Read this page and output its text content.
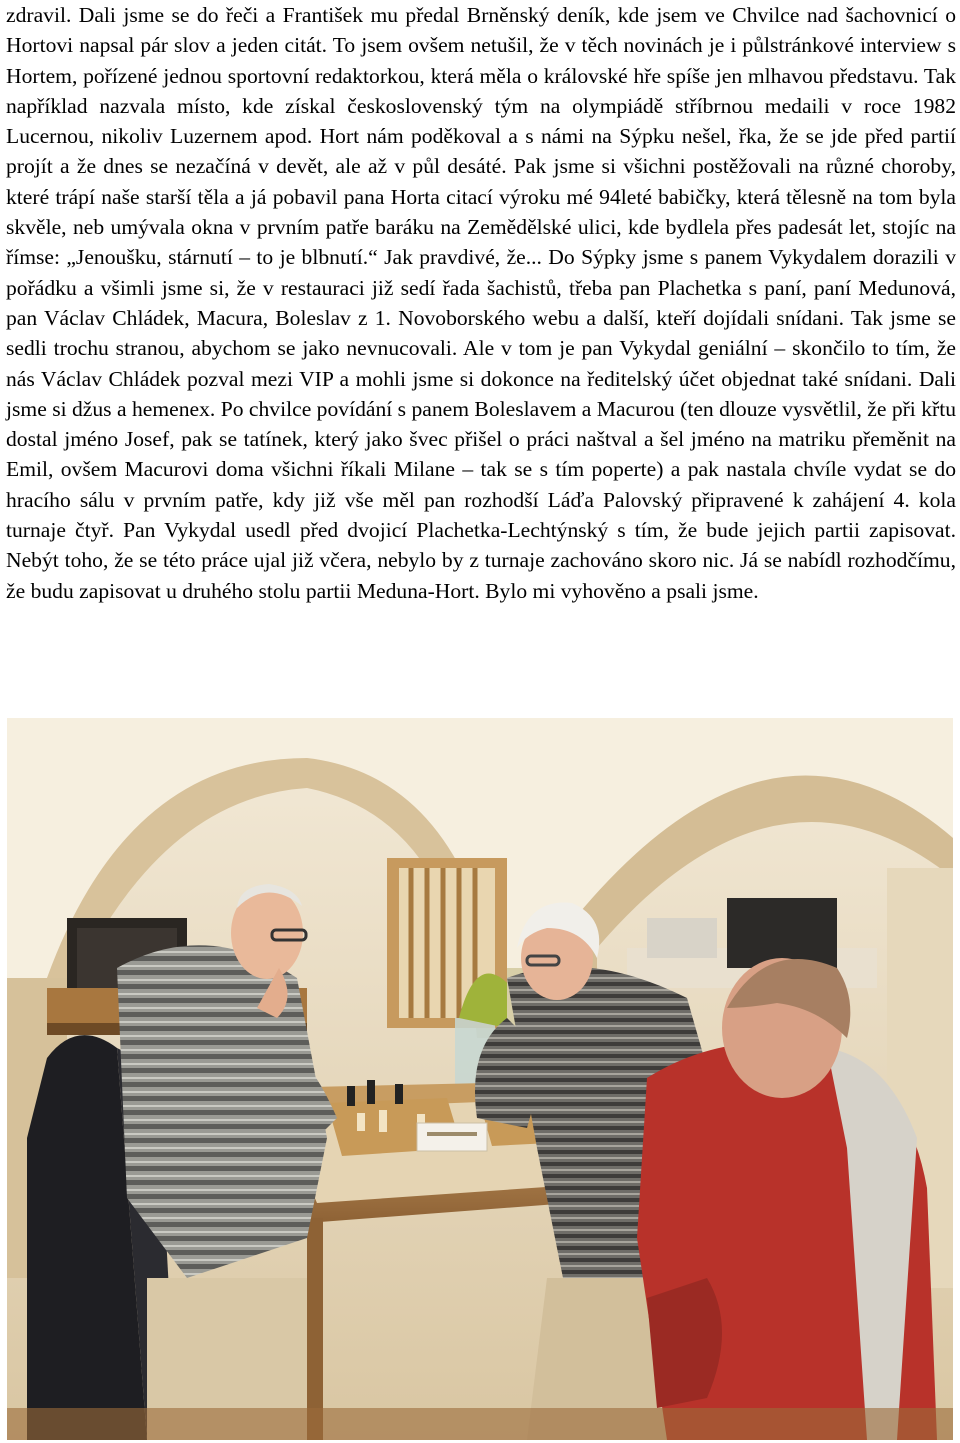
zdravil. Dali jsme se do řeči a František mu předal Brněnský deník, kde jsem ve Chvilce nad šachovnicí o Hortovi napsal pár slov a jeden citát. To jsem ovšem netušil, že v těch novinách je i půlstránkové interview s Hortem, pořízené jednou sportovní redaktorkou, která měla o královské hře spíše jen mlhavou představu. Tak například nazvala místo, kde získal československý tým na olympiádě stříbrnou medaili v roce 1982 Lucernou, nikoliv Luzernem apod. Hort nám poděkoval a s námi na Sýpku nešel, řka, že se jde před partií projít a že dnes se nezačíná v devět, ale až v půl desáté. Pak jsme si všichni postěžovali na různé choroby, které trápí naše starší těla a já pobavil pana Horta citací výroku mé 94leté babičky, která tělesně na tom byla skvěle, neb umývala okna v prvním patře baráku na Zemědělské ulici, kde bydlela přes padesát let, stojíc na římse: „Jenoušku, stárnutí – to je blbnutí.“ Jak pravdivé, že... Do Sýpky jsme s panem Vykydalem dorazili v pořádku a všimli jsme si, že v restauraci již sedí řada šachistů, třeba pan Plachetka s paní, paní Medunová, pan Václav Chládek, Macura, Boleslav z 1. Novoborského webu a další, kteří dojídali snídani. Tak jsme se sedli trochu stranou, abychom se jako nevnucovali. Ale v tom je pan Vykydal geniální – skončilo to tím, že nás Václav Chládek pozval mezi VIP a mohli jsme si dokonce na ředitelský účet objednat také snídani. Dali jsme si džus a hemenex. Po chvilce povídání s panem Boleslavem a Macurou (ten dlouze vysvětlil, že při křtu dostal jméno Josef, pak se tatínek, který jako švec přišel o práci naštval a šel jméno na matriku přeměnit na Emil, ovšem Macurovi doma všichni říkali Milane – tak se s tím poperte) a pak nastala chvíle vydat se do hracího sálu v prvním patře, kdy již vše měl pan rozhodší Láďa Palovský připravené k zahájení 4. kola turnaje čtyř. Pan Vykydal usedl před dvojicí Plachetka-Lechtýnský s tím, že bude jejich partii zapisovat. Nebýt toho, že se této práce ujal již včera, nebylo by z turnaje zachováno skoro nic. Já se nabídl rozhodčímu, že budu zapisovat u druhého stolu partii Meduna-Hort. Bylo mi vyhověno a psali jsme.
